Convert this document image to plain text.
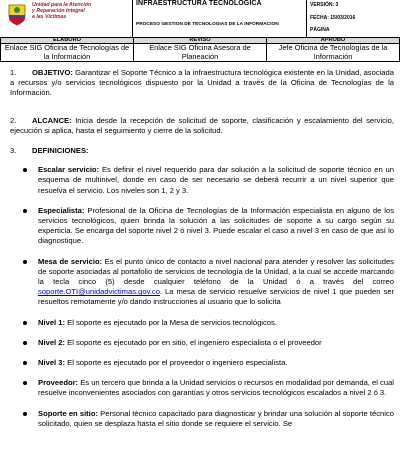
Unidad para la Atención
y Reparación Integral
a las Víctimas
INFRAESTRUCTURA TECNOLOGICA
PROCESO GESTION DE TECNOLOGIAS DE LA INFORMACION
VERSIÓN: 3
FECHA: 15/03/2016
PÁGINA
ELABORO	REVISO	APROBO
Enlace SIG Oficina de Tecnologías de la Información	Enlace SIG Oficina Asesora de Planeación	Jefe Oficina de Tecnologías de la Información
1. OBJETIVO: Garantizar el Soporte Técnico a la infraestructura tecnológica existente en la Unidad, asociada a recursos y/o servicios tecnológicos dispuesto por la Unidad a través de la Oficina de Tecnologías de la Información.
2. ALCANCE: Inicia desde la recepción de solicitud de soporte, clasificación y escalamiento del servicio, ejecución si aplica, hasta el seguimiento y cierre de la solicitud.
3. DEFINICIONES:
Escalar servicio: Es definir el nivel requerido para dar solución a la solicitud de soporte técnico en un esquema de multinivel, donde en caso de ser necesario se deberá recurrir a un nivel superior que resuelva el servicio. Los niveles son 1, 2 y 3.
Especialista: Profesional de la Oficina de Tecnologías de la Información especialista en alguno de los servicios tecnológicos, quien brinda la solución a las solicitudes de soporte a su cargo según su experticia. Se encarga del soporte nivel 2 ó nivel 3. Puede escalar el caso a nivel 3 en caso de que así lo diagnostique.
Mesa de servicio: Es el punto único de contacto a nivel nacional para atender y resolver las solicitudes de soporte asociadas al portafolio de servicios de tecnología de la Unidad, a la cual se accede marcando la tecla cinco (5) desde cualquier teléfono de la Unidad ó a través del correo soporte.OTI@unidadvictimas.gov.co. La mesa de servicio resuelve servicios de nivel 1 que pueden ser resueltos remotamente y/o dando instrucciones al usuario que lo solicita
Nivel 1: El soporte es ejecutado por la Mesa de servicios tecnológicos.
Nivel 2: El soporte es ejecutado por en sitio, el ingeniero especialista o el proveedor
Nivel 3: El soporte es ejecutado por el proveedor o ingeniero especialista.
Proveedor: Es un tercero que brinda a la Unidad servicios o recursos en modalidad por demanda, el cual resuelve inconvenientes asociados con garantías y otros servicios tecnológicos escalados a nivel 2 ó 3.
Soporte en sitio: Personal técnico capacitado para diagnosticar y brindar una solución al soporte técnico solicitado, quien se desplaza hasta el sitio donde se requiere el servicio. Se
